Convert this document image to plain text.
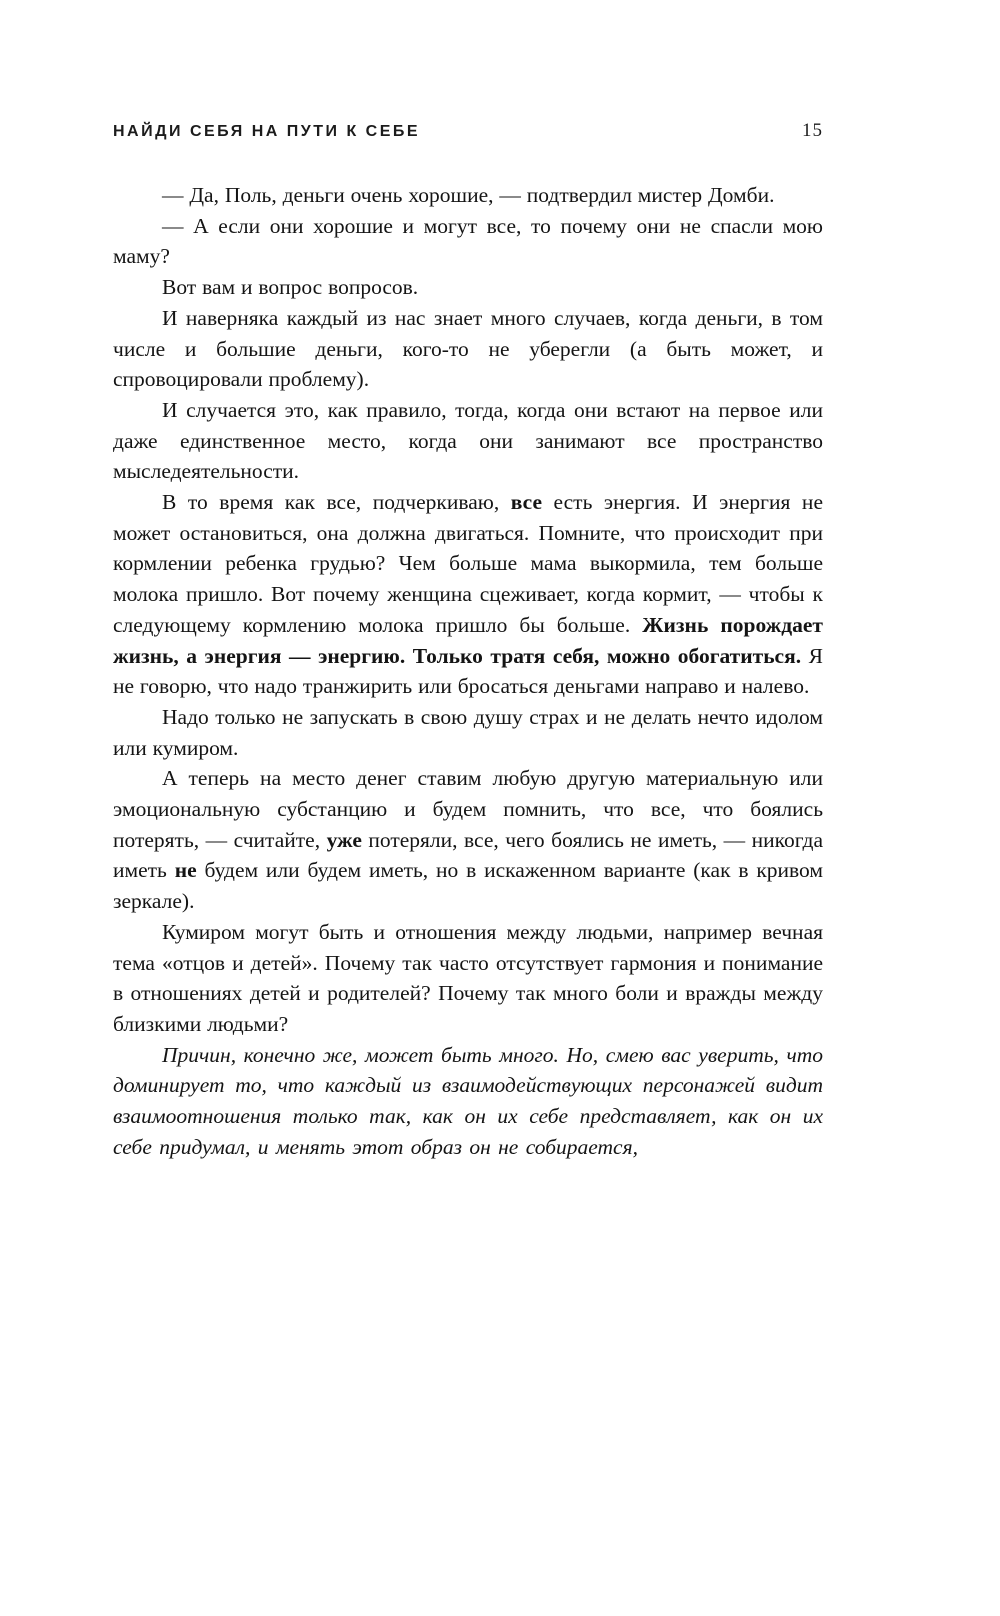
НАЙДИ СЕБЯ НА ПУТИ К СЕБЕ	15

— Да, Поль, деньги очень хорошие, — подтвердил мистер Домби.

— А если они хорошие и могут все, то почему они не спасли мою маму?

Вот вам и вопрос вопросов.

И наверняка каждый из нас знает много случаев, когда деньги, в том числе и большие деньги, кого-то не уберегли (а быть может, и спровоцировали проблему).

И случается это, как правило, тогда, когда они встают на первое или даже единственное место, когда они занимают все пространство мыследеятельности.

В то время как все, подчеркиваю, все есть энергия. И энергия не может остановиться, она должна двигаться. Помните, что происходит при кормлении ребенка грудью? Чем больше мама выкормила, тем больше молока пришло. Вот почему женщина сцеживает, когда кормит, — чтобы к следующему кормлению молока пришло бы больше. Жизнь порождает жизнь, а энергия — энергию. Только тратя себя, можно обогатиться. Я не говорю, что надо транжирить или бросаться деньгами направо и налево.

Надо только не запускать в свою душу страх и не делать нечто идолом или кумиром.

А теперь на место денег ставим любую другую материальную или эмоциональную субстанцию и будем помнить, что все, что боялись потерять, — считайте, уже потеряли, все, чего боялись не иметь, — никогда иметь не будем или будем иметь, но в искаженном варианте (как в кривом зеркале).

Кумиром могут быть и отношения между людьми, например вечная тема «отцов и детей». Почему так часто отсутствует гармония и понимание в отношениях детей и родителей? Почему так много боли и вражды между близкими людьми?

Причин, конечно же, может быть много. Но, смею вас уверить, что доминирует то, что каждый из взаимодействующих персонажей видит взаимоотношения только так, как он их себе представляет, как он их себе придумал, и менять этот образ он не собирается,
